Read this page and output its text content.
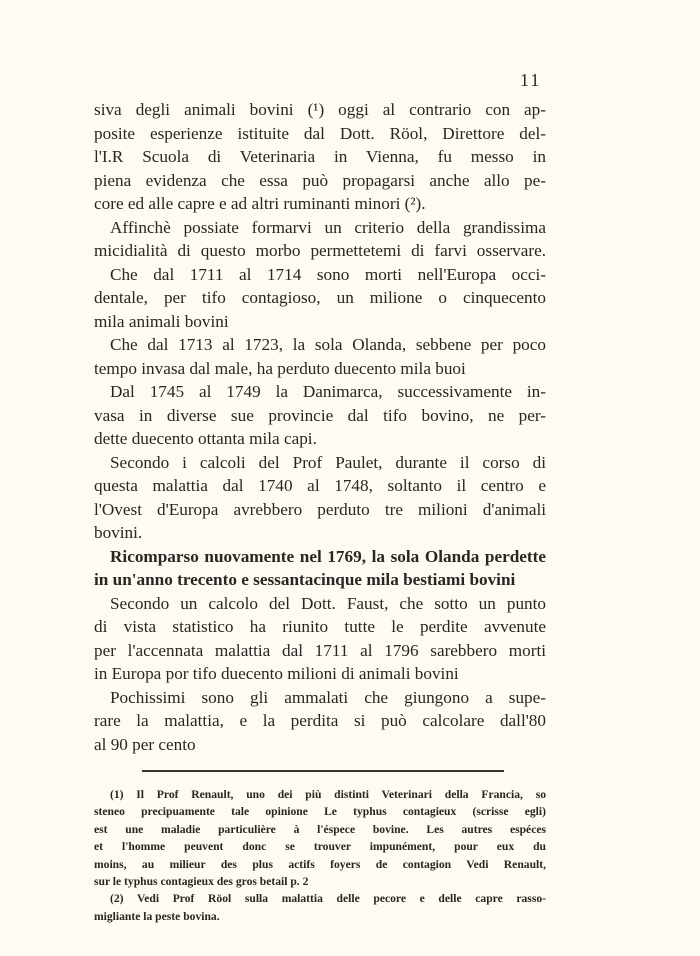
11

siva degli animali bovini (¹) oggi al contrario con ap-
posite esperienze istituite dal Dott. Röol, Direttore del-
l'I.R Scuola di Veterinaria in Vienna, fu messo in
piena evidenza che essa può propagarsi anche allo pe-
core ed alle capre e ad altri ruminanti minori (²).

Affinchè possiate formarvi un criterio della grandissima
micidialità di questo morbo permettetemi di farvi osservare.

Che dal 1711 al 1714 sono morti nell'Europa occi-
dentale, per tifo contagioso, un milione o cinquecento
mila animali bovini

Che dal 1713 al 1723, la sola Olanda, sebbene per poco
tempo invasa dal male, ha perduto duecento mila buoi

Dal 1745 al 1749 la Danimarca, successivamente in-
vasa in diverse sue provincie dal tifo bovino, ne per-
dette duecento ottanta mila capi.

Secondo i calcoli del Prof Paulet, durante il corso di
questa malattia dal 1740 al 1748, soltanto il centro e
l'Ovest d'Europa avrebbero perduto tre milioni d'animali
bovini.

Ricomparso nuovamente nel 1769, la sola Olanda perdette
in un'anno trecento e sessantacinque mila bestiami bovini

Secondo un calcolo del Dott. Faust, che sotto un punto
di vista statistico ha riunito tutte le perdite avvenute
per l'accennata malattia dal 1711 al 1796 sarebbero morti
in Europa por tifo duecento milioni di animali bovini

Pochissimi sono gli ammalati che giungono a supe-
rare la malattia, e la perdita si può calcolare dall'80
al 90 per cento

(1) Il Prof Renault, uno dei più distinti Veterinari della Francia, so
steneo precipuamente tale opinione Le typhus contagieux (scrisse egli)
est une maladie particulière à l'éspece bovine. Les autres espéces
et l'homme peuvent donc se trouver impunément, pour eux du
moins, au milieur des plus actifs foyers de contagion Vedi Renault,
sur le typhus contagieux des gros betail p. 2

(2) Vedi Prof Röol sulla malattia delle pecore e delle capre rasso-
migliante la peste bovina.
